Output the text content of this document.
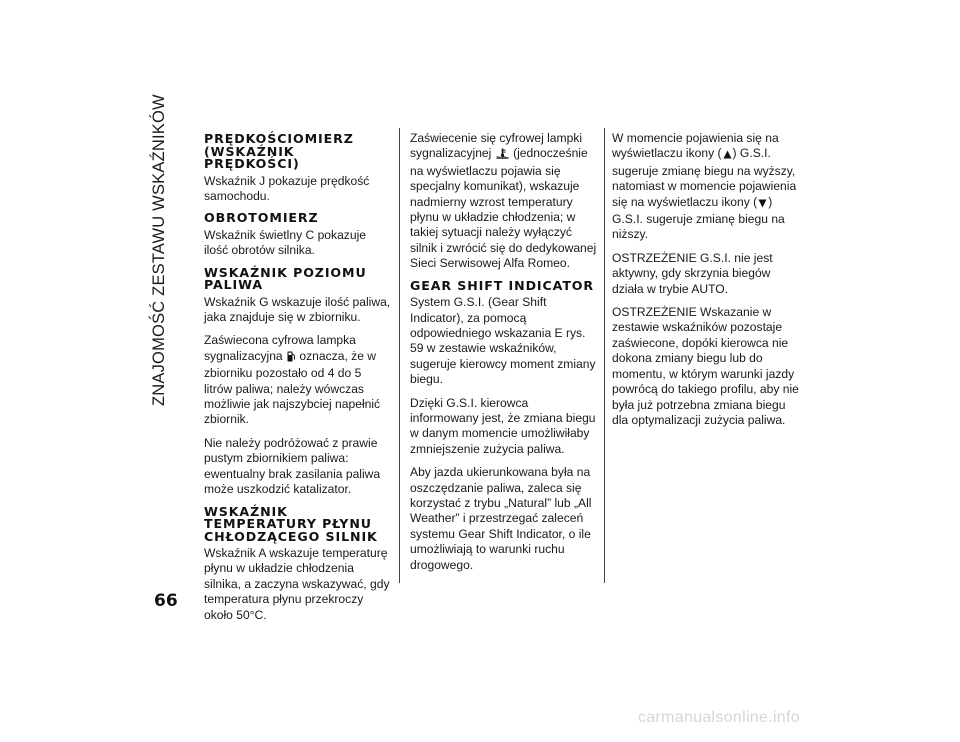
ZNAJOMOŚĆ ZESTAWU WSKAŹNIKÓW
66
PRĘDKOŚCIOMIERZ (WSKAŹNIK PRĘDKOŚCI)

Wskaźnik J pokazuje prędkość samochodu.

OBROTOMIERZ

Wskaźnik świetlny C pokazuje ilość obrotów silnika.

WSKAŹNIK POZIOMU PALIWA

Wskaźnik G wskazuje ilość paliwa, jaka znajduje się w zbiorniku.

Zaświecona cyfrowa lampka sygnalizacyjna oznacza, że w zbiorniku pozostało od 4 do 5 litrów paliwa; należy wówczas możliwie jak najszybciej napełnić zbiornik.

Nie należy podróżować z prawie pustym zbiornikiem paliwa: ewentualny brak zasilania paliwa może uszkodzić katalizator.

WSKAŹNIK TEMPERATURY PŁYNU CHŁODZĄCEGO SILNIK

Wskaźnik A wskazuje temperaturę płynu w układzie chłodzenia silnika, a zaczyna wskazywać, gdy temperatura płynu przekroczy około 50°C.

Zaświecenie się cyfrowej lampki sygnalizacyjnej (jednocześnie na wyświetlaczu pojawia się specjalny komunikat), wskazuje nadmierny wzrost temperatury płynu w układzie chłodzenia; w takiej sytuacji należy wyłączyć silnik i zwrócić się do dedykowanej Sieci Serwisowej Alfa Romeo.

GEAR SHIFT INDICATOR

System G.S.I. (Gear Shift Indicator), za pomocą odpowiedniego wskazania E rys. 59 w zestawie wskaźników, sugeruje kierowcy moment zmiany biegu.

Dzięki G.S.I. kierowca informowany jest, że zmiana biegu w danym momencie umożliwiłaby zmniejszenie zużycia paliwa.

Aby jazda ukierunkowana była na oszczędzanie paliwa, zaleca się korzystać z trybu „Natural” lub „All Weather” i przestrzegać zaleceń systemu Gear Shift Indicator, o ile umożliwiają to warunki ruchu drogowego.

W momencie pojawienia się na wyświetlaczu ikony ( ) G.S.I. sugeruje zmianę biegu na wyższy, natomiast w momencie pojawienia się na wyświetlaczu ikony ( ) G.S.I. sugeruje zmianę biegu na niższy.

OSTRZEŻENIE G.S.I. nie jest aktywny, gdy skrzynia biegów działa w trybie AUTO.

OSTRZEŻENIE Wskazanie w zestawie wskaźników pozostaje zaświecone, dopóki kierowca nie dokona zmiany biegu lub do momentu, w którym warunki jazdy powrócą do takiego profilu, aby nie była już potrzebna zmiana biegu dla optymalizacji zużycia paliwa.

carmanualsonline.info
